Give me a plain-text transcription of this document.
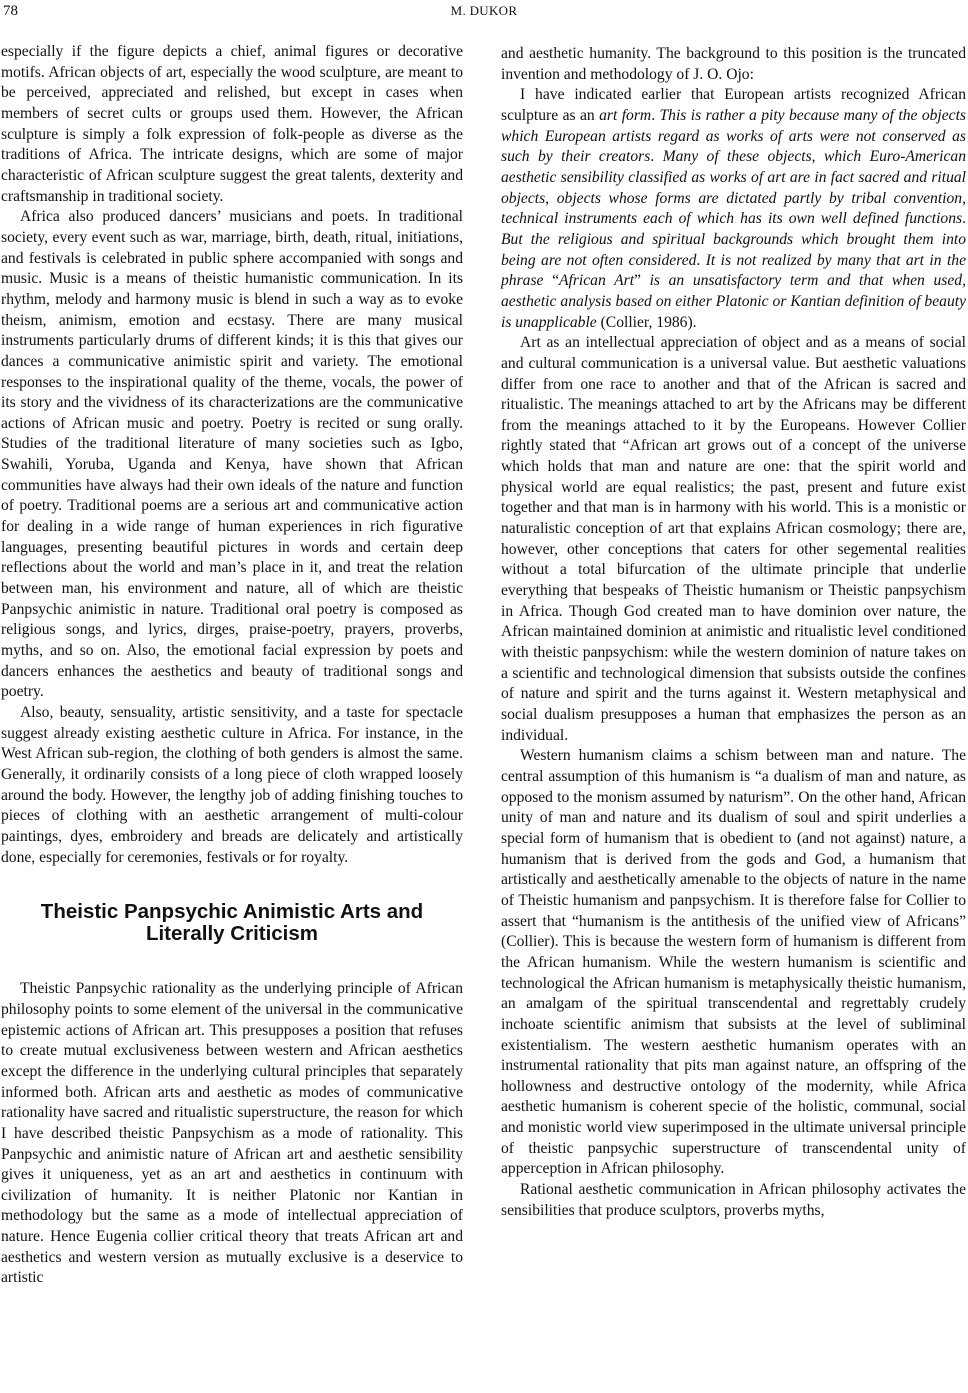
78	M. DUKOR

especially if the figure depicts a chief, animal figures or decorative motifs. African objects of art, especially the wood sculpture, are meant to be perceived, appreciated and relished, but except in cases when members of secret cults or groups used them. However, the African sculpture is simply a folk expression of folk-people as diverse as the traditions of Africa. The intricate designs, which are some of major characteristic of African sculpture suggest the great talents, dexterity and craftsmanship in traditional society.

Africa also produced dancers’ musicians and poets. In traditional society, every event such as war, marriage, birth, death, ritual, initiations, and festivals is celebrated in public sphere accompanied with songs and music. Music is a means of theistic humanistic communication. In its rhythm, melody and harmony music is blend in such a way as to evoke theism, animism, emotion and ecstasy. There are many musical instruments particularly drums of different kinds; it is this that gives our dances a communicative animistic spirit and variety. The emotional responses to the inspirational quality of the theme, vocals, the power of its story and the vividness of its characterizations are the communicative actions of African music and poetry. Poetry is recited or sung orally. Studies of the traditional literature of many societies such as Igbo, Swahili, Yoruba, Uganda and Kenya, have shown that African communities have always had their own ideals of the nature and function of poetry. Traditional poems are a serious art and communicative action for dealing in a wide range of human experiences in rich figurative languages, presenting beautiful pictures in words and certain deep reflections about the world and man’s place in it, and treat the relation between man, his environment and nature, all of which are theistic Panpsychic animistic in nature. Traditional oral poetry is composed as religious songs, and lyrics, dirges, praise-poetry, prayers, proverbs, myths, and so on. Also, the emotional facial expression by poets and dancers enhances the aesthetics and beauty of traditional songs and poetry.

Also, beauty, sensuality, artistic sensitivity, and a taste for spectacle suggest already existing aesthetic culture in Africa. For instance, in the West African sub-region, the clothing of both genders is almost the same. Generally, it ordinarily consists of a long piece of cloth wrapped loosely around the body. However, the lengthy job of adding finishing touches to pieces of clothing with an aesthetic arrangement of multi-colour paintings, dyes, embroidery and breads are delicately and artistically done, especially for ceremonies, festivals or for royalty.

Theistic Panpsychic Animistic Arts and
Literally Criticism

Theistic Panpsychic rationality as the underlying principle of African philosophy points to some element of the universal in the communicative epistemic actions of African art. This presupposes a position that refuses to create mutual exclusiveness between western and African aesthetics except the difference in the underlying cultural principles that separately informed both. African arts and aesthetic as modes of communicative rationality have sacred and ritualistic superstructure, the reason for which I have described theistic Panpsychism as a mode of rationality. This Panpsychic and animistic nature of African art and aesthetic sensibility gives it uniqueness, yet as an art and aesthetics in continuum with civilization of humanity. It is neither Platonic nor Kantian in methodology but the same as a mode of intellectual appreciation of nature. Hence Eugenia collier critical theory that treats African art and aesthetics and western version as mutually exclusive is a deservice to artistic

and aesthetic humanity. The background to this position is the truncated invention and methodology of J. O. Ojo:

I have indicated earlier that European artists recognized African sculpture as an art form. This is rather a pity because many of the objects which European artists regard as works of arts were not conserved as such by their creators. Many of these objects, which Euro-American aesthetic sensibility classified as works of art are in fact sacred and ritual objects, objects whose forms are dictated partly by tribal convention, technical instruments each of which has its own well defined functions. But the religious and spiritual backgrounds which brought them into being are not often considered. It is not realized by many that art in the phrase “African Art” is an unsatisfactory term and that when used, aesthetic analysis based on either Platonic or Kantian definition of beauty is unapplicable (Collier, 1986).

Art as an intellectual appreciation of object and as a means of social and cultural communication is a universal value. But aesthetic valuations differ from one race to another and that of the African is sacred and ritualistic. The meanings attached to art by the Africans may be different from the meanings attached to it by the Europeans. However Collier rightly stated that “African art grows out of a concept of the universe which holds that man and nature are one: that the spirit world and physical world are equal realistics; the past, present and future exist together and that man is in harmony with his world. This is a monistic or naturalistic conception of art that explains African cosmology; there are, however, other conceptions that caters for other segemental realities without a total bifurcation of the ultimate principle that underlie everything that bespeaks of Theistic humanism or Theistic panpsychism in Africa. Though God created man to have dominion over nature, the African maintained dominion at animistic and ritualistic level conditioned with theistic panpsychism: while the western dominion of nature takes on a scientific and technological dimension that subsists outside the confines of nature and spirit and the turns against it. Western metaphysical and social dualism presupposes a human that emphasizes the person as an individual.

Western humanism claims a schism between man and nature. The central assumption of this humanism is “a dualism of man and nature, as opposed to the monism assumed by naturism”. On the other hand, African unity of man and nature and its dualism of soul and spirit underlies a special form of humanism that is obedient to (and not against) nature, a humanism that is derived from the gods and God, a humanism that artistically and aesthetically amenable to the objects of nature in the name of Theistic humanism and panpsychism. It is therefore false for Collier to assert that “humanism is the antithesis of the unified view of Africans” (Collier). This is because the western form of humanism is different from the African humanism. While the western humanism is scientific and technological the African humanism is metaphysically theistic humanism, an amalgam of the spiritual transcendental and regrettably crudely inchoate scientific animism that subsists at the level of subliminal existentialism. The western aesthetic humanism operates with an instrumental rationality that pits man against nature, an offspring of the hollowness and destructive ontology of the modernity, while Africa aesthetic humanism is coherent specie of the holistic, communal, social and monistic world view superimposed in the ultimate universal principle of theistic panpsychic superstructure of transcendental unity of apperception in African philosophy.

Rational aesthetic communication in African philosophy activates the sensibilities that produce sculptors, proverbs myths,
